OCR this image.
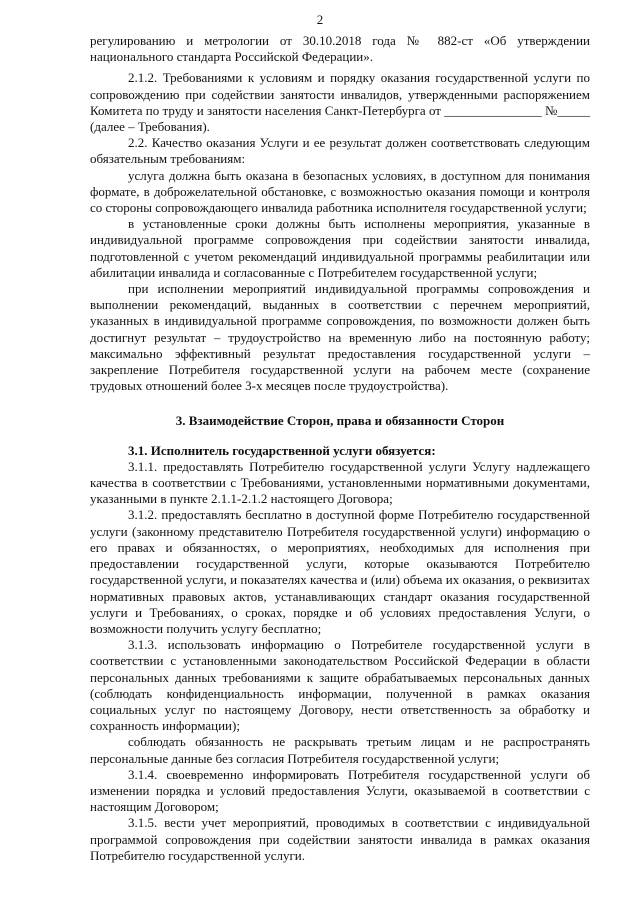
2

регулированию и метрологии от 30.10.2018 года № 882-ст «Об утверждении национального стандарта Российской Федерации».

2.1.2. Требованиями к условиям и порядку оказания государственной услуги по сопровождению при содействии занятости инвалидов, утвержденными распоряжением Комитета по труду и занятости населения Санкт-Петербурга от _______________ №_____ (далее – Требования).

2.2. Качество оказания Услуги и ее результат должен соответствовать следующим обязательным требованиям:

услуга должна быть оказана в безопасных условиях, в доступном для понимания формате, в доброжелательной обстановке, с возможностью оказания помощи и контроля со стороны сопровождающего инвалида работника исполнителя государственной услуги;

в установленные сроки должны быть исполнены мероприятия, указанные в индивидуальной программе сопровождения при содействии занятости инвалида, подготовленной с учетом рекомендаций индивидуальной программы реабилитации или абилитации инвалида и согласованные с Потребителем государственной услуги;

при исполнении мероприятий индивидуальной программы сопровождения и выполнении рекомендаций, выданных в соответствии с перечнем мероприятий, указанных в индивидуальной программе сопровождения, по возможности должен быть достигнут результат – трудоустройство на временную либо на постоянную работу; максимально эффективный результат предоставления государственной услуги – закрепление Потребителя государственной услуги на рабочем месте (сохранение трудовых отношений более 3-х месяцев после трудоустройства).

3. Взаимодействие Сторон, права и обязанности Сторон

3.1. Исполнитель государственной услуги обязуется:

3.1.1. предоставлять Потребителю государственной услуги Услугу надлежащего качества в соответствии с Требованиями, установленными нормативными документами, указанными в пункте 2.1.1-2.1.2 настоящего Договора;

3.1.2. предоставлять бесплатно в доступной форме Потребителю государственной услуги (законному представителю Потребителя государственной услуги) информацию о его правах и обязанностях, о мероприятиях, необходимых для исполнения при предоставлении государственной услуги, которые оказываются Потребителю государственной услуги, и показателях качества и (или) объема их оказания, о реквизитах нормативных правовых актов, устанавливающих стандарт оказания государственной услуги и Требованиях, о сроках, порядке и об условиях предоставления Услуги, о возможности получить услугу бесплатно;

3.1.3. использовать информацию о Потребителе государственной услуги в соответствии с установленными законодательством Российской Федерации в области персональных данных требованиями к защите обрабатываемых персональных данных (соблюдать конфиденциальность информации, полученной в рамках оказания социальных услуг по настоящему Договору, нести ответственность за обработку и сохранность информации);

соблюдать обязанность не раскрывать третьим лицам и не распространять персональные данные без согласия Потребителя государственной услуги;

3.1.4. своевременно информировать Потребителя государственной услуги об изменении порядка и условий предоставления Услуги, оказываемой в соответствии с настоящим Договором;

3.1.5. вести учет мероприятий, проводимых в соответствии с индивидуальной программой сопровождения при содействии занятости инвалида в рамках оказания Потребителю государственной услуги.
